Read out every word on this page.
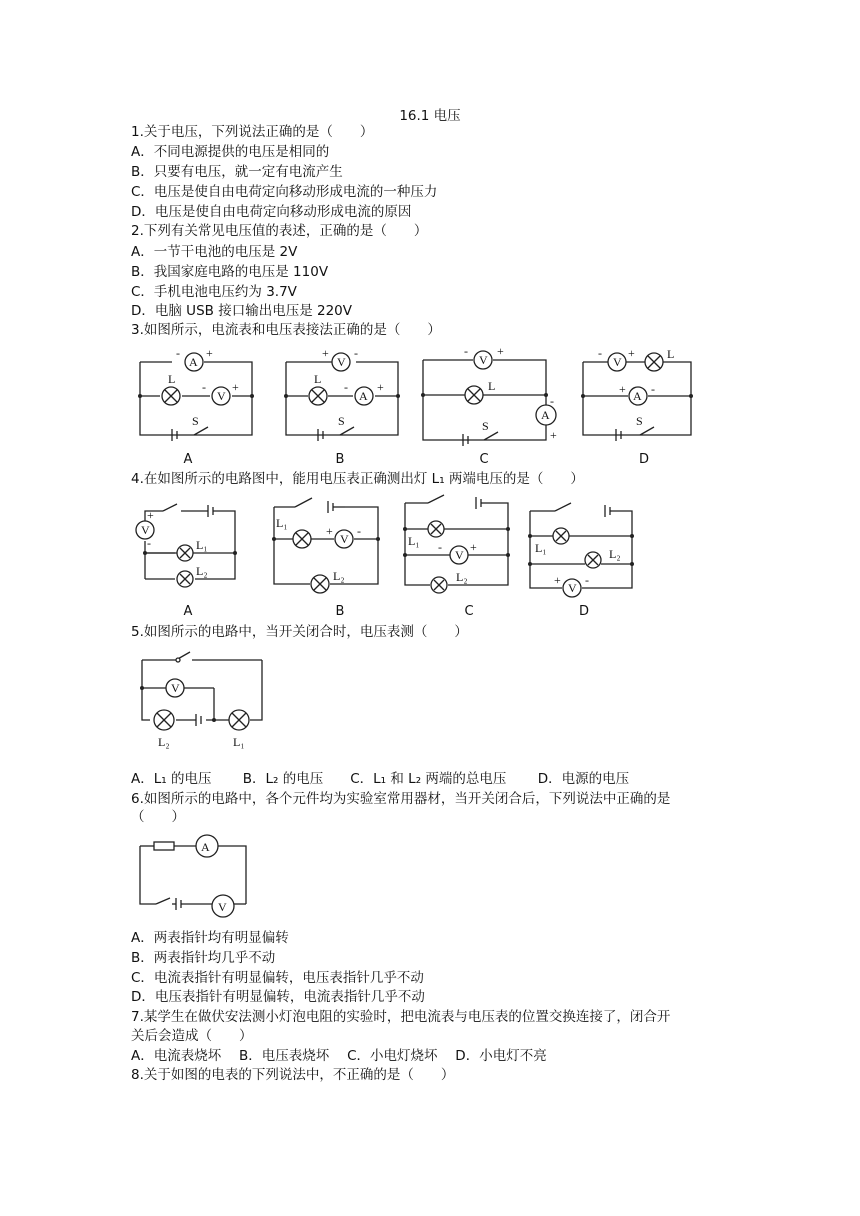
16.1 电压
1.关于电压，下列说法正确的是（　　）
A．不同电源提供的电压是相同的
B．只要有电压，就一定有电流产生
C．电压是使自由电荷定向移动形成电流的一种压力
D．电压是使自由电荷定向移动形成电流的原因
2.下列有关常见电压值的表述，正确的是（　　）
A．一节干电池的电压是 2V
B．我国家庭电路的电压是 110V
C．手机电池电压约为 3.7V
D．电脑 USB 接口输出电压是 220V
3.如图所示，电流表和电压表接法正确的是（　　）
A
- +
L
V
- +
S
A
V
+ -
L
A
- +
S
B
V
- +
L
A
-
+
S
C
V
- +	L
A
+ -
S
D
4.在如图所示的电路图中，能用电压表正确测出灯 L₁ 两端电压的是（　　）
V
+
-	L₁
L₂
A
L₁
V
+ -
L₂
B
L₁
V
- +
L₂
C
L₁	L₂
V
+ -
D
5.如图所示的电路中，当开关闭合时，电压表测（　　）
V
L₂	L₁
A．L₁ 的电压　　 B．L₂ 的电压　　C．L₁ 和 L₂ 两端的总电压　　 D．电源的电压
6.如图所示的电路中，各个元件均为实验室常用器材，当开关闭合后，下列说法中正确的是
（　　）
A
V
A．两表指针均有明显偏转
B．两表指针均几乎不动
C．电流表指针有明显偏转，电压表指针几乎不动
D．电压表指针有明显偏转，电流表指针几乎不动
7.某学生在做伏安法测小灯泡电阻的实验时，把电流表与电压表的位置交换连接了，闭合开
关后会造成（　　）
A．电流表烧坏　 B．电压表烧坏　 C．小电灯烧坏　 D．小电灯不亮
8.关于如图的电表的下列说法中，不正确的是（　　）
